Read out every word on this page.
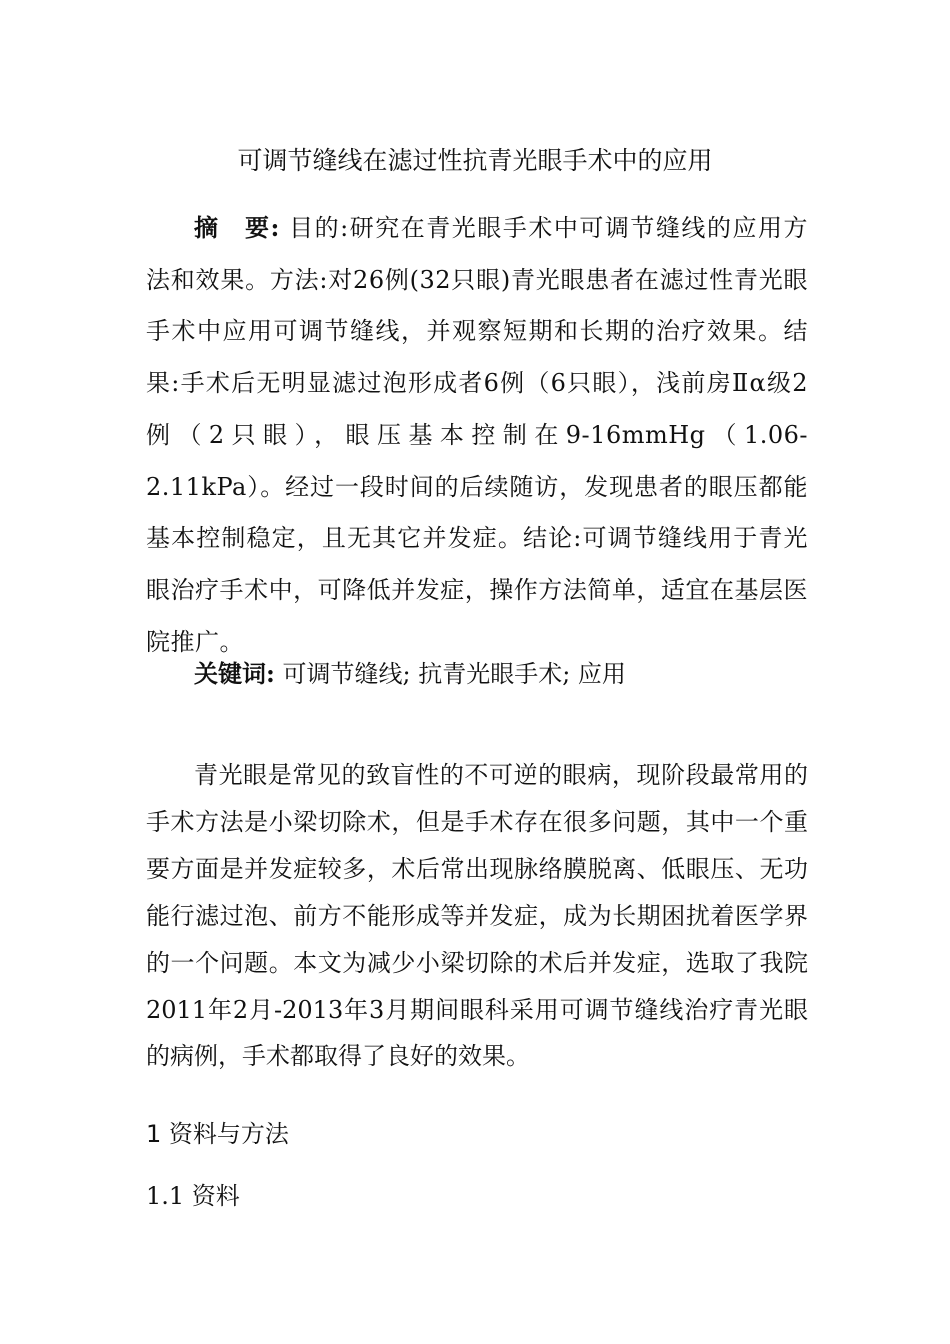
可调节缝线在滤过性抗青光眼手术中的应用

摘　要: 目的:研究在青光眼手术中可调节缝线的应用方法和效果。方法:对26例(32只眼)青光眼患者在滤过性青光眼手术中应用可调节缝线，并观察短期和长期的治疗效果。结果:手术后无明显滤过泡形成者6例（6只眼），浅前房Ⅱα级2例（2只眼），眼压基本控制在9-16mmHg（1.06-2.11kPa）。经过一段时间的后续随访，发现患者的眼压都能基本控制稳定，且无其它并发症。结论:可调节缝线用于青光眼治疗手术中，可降低并发症，操作方法简单，适宜在基层医院推广。

关键词: 可调节缝线; 抗青光眼手术; 应用

青光眼是常见的致盲性的不可逆的眼病，现阶段最常用的手术方法是小梁切除术，但是手术存在很多问题，其中一个重要方面是并发症较多，术后常出现脉络膜脱离、低眼压、无功能行滤过泡、前方不能形成等并发症，成为长期困扰着医学界的一个问题。本文为减少小梁切除的术后并发症，选取了我院2011年2月-2013年3月期间眼科采用可调节缝线治疗青光眼的病例，手术都取得了良好的效果。

1 资料与方法
1.1 资料
